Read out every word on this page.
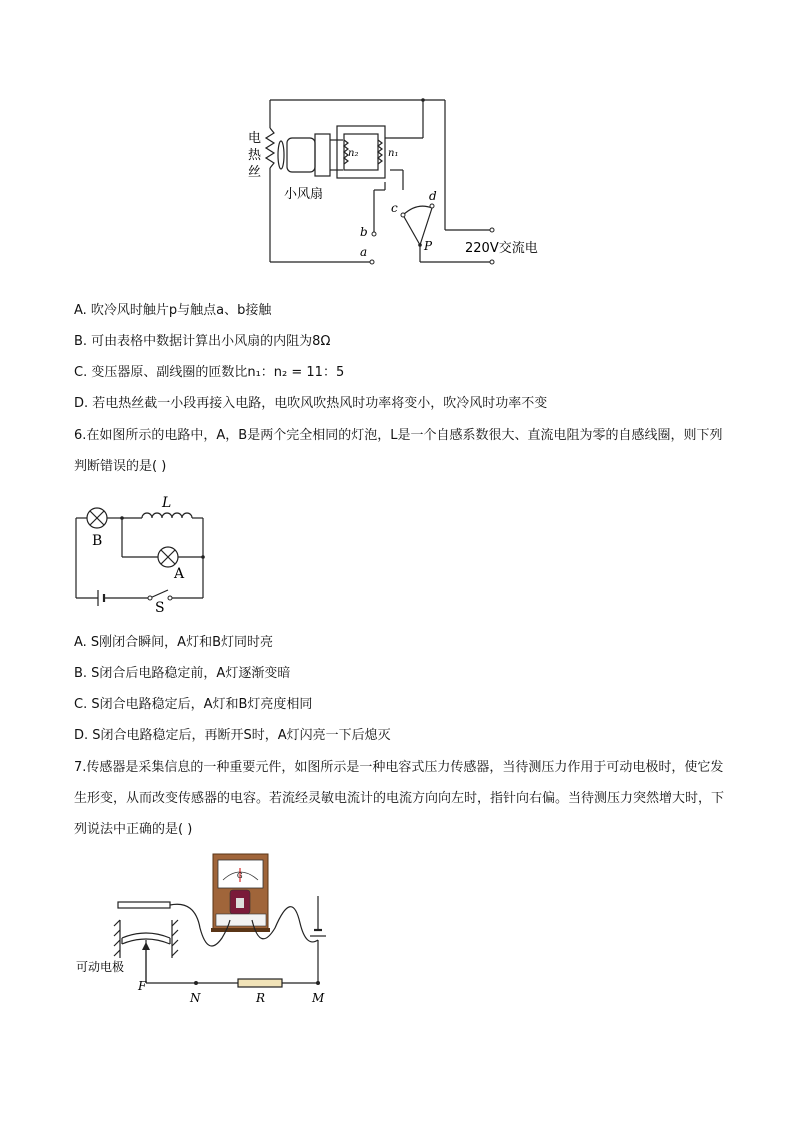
电
热
丝
小风扇
n₂	n₁
a
b
c
d
P	220V交流电
A. 吹冷风时触片p与触点a、b接触
B. 可由表格中数据计算出小风扇的内阻为8Ω
C. 变压器原、副线圈的匝数比n₁：n₂ = 11：5
D. 若电热丝截一小段再接入电路，电吹风吹热风时功率将变小，吹冷风时功率不变
6.在如图所示的电路中，A，B是两个完全相同的灯泡，L是一个自感系数很大、直流电阻为零的自感线圈，则下列判断错误的是( )
L
B
A
S
A. S刚闭合瞬间，A灯和B灯同时亮
B. S闭合后电路稳定前，A灯逐渐变暗
C. S闭合电路稳定后，A灯和B灯亮度相同
D. S闭合电路稳定后，再断开S时，A灯闪亮一下后熄灭
7.传感器是采集信息的一种重要元件，如图所示是一种电容式压力传感器，当待测压力作用于可动电极时，使它发生形变，从而改变传感器的电容。若流经灵敏电流计的电流方向向左时，指针向右偏。当待测压力突然增大时，下列说法中正确的是( )
G
可动电极
F
N	R	M
